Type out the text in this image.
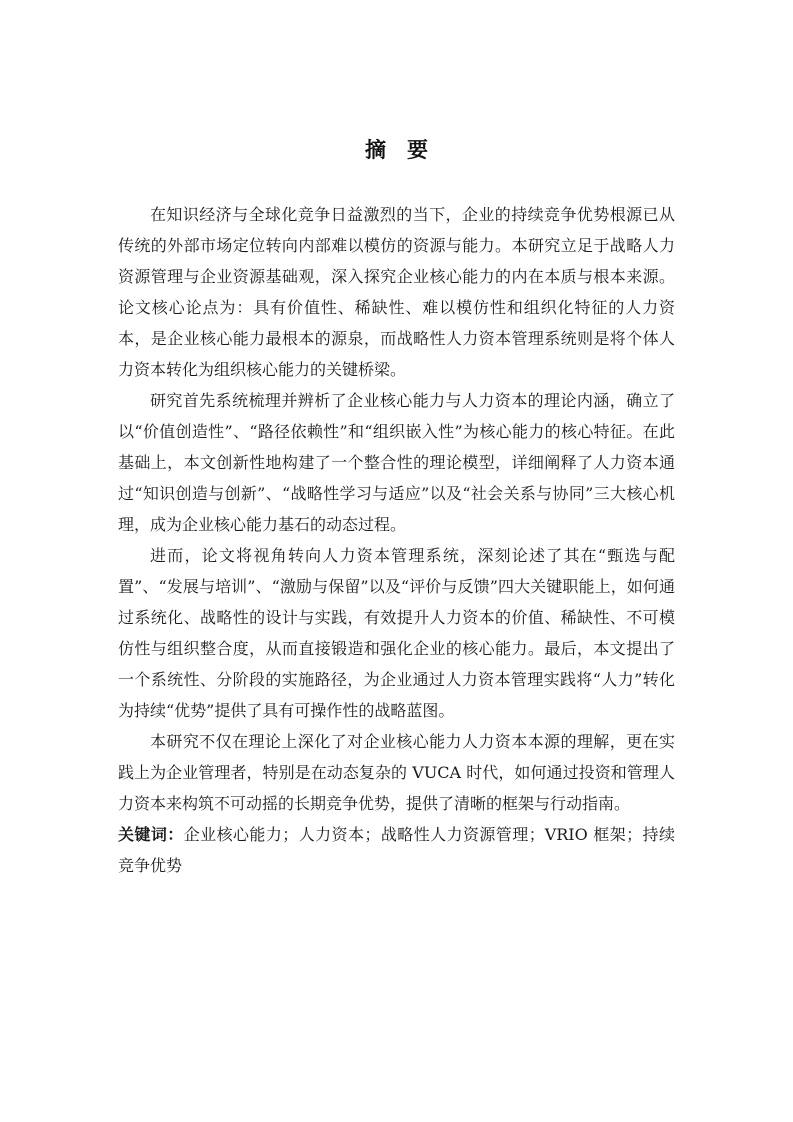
摘　要

在知识经济与全球化竞争日益激烈的当下，企业的持续竞争优势根源已从传统的外部市场定位转向内部难以模仿的资源与能力。本研究立足于战略人力资源管理与企业资源基础观，深入探究企业核心能力的内在本质与根本来源。论文核心论点为：具有价值性、稀缺性、难以模仿性和组织化特征的人力资本，是企业核心能力最根本的源泉，而战略性人力资本管理系统则是将个体人力资本转化为组织核心能力的关键桥梁。

研究首先系统梳理并辨析了企业核心能力与人力资本的理论内涵，确立了以“价值创造性”、“路径依赖性”和“组织嵌入性”为核心能力的核心特征。在此基础上，本文创新性地构建了一个整合性的理论模型，详细阐释了人力资本通过“知识创造与创新”、“战略性学习与适应”以及“社会关系与协同”三大核心机理，成为企业核心能力基石的动态过程。

进而，论文将视角转向人力资本管理系统，深刻论述了其在“甄选与配置”、“发展与培训”、“激励与保留”以及“评价与反馈”四大关键职能上，如何通过系统化、战略性的设计与实践，有效提升人力资本的价值、稀缺性、不可模仿性与组织整合度，从而直接锻造和强化企业的核心能力。最后，本文提出了一个系统性、分阶段的实施路径，为企业通过人力资本管理实践将“人力”转化为持续“优势”提供了具有可操作性的战略蓝图。

本研究不仅在理论上深化了对企业核心能力人力资本本源的理解，更在实践上为企业管理者，特别是在动态复杂的 VUCA 时代，如何通过投资和管理人力资本来构筑不可动摇的长期竞争优势，提供了清晰的框架与行动指南。

关键词：企业核心能力；人力资本；战略性人力资源管理；VRIO 框架；持续竞争优势
